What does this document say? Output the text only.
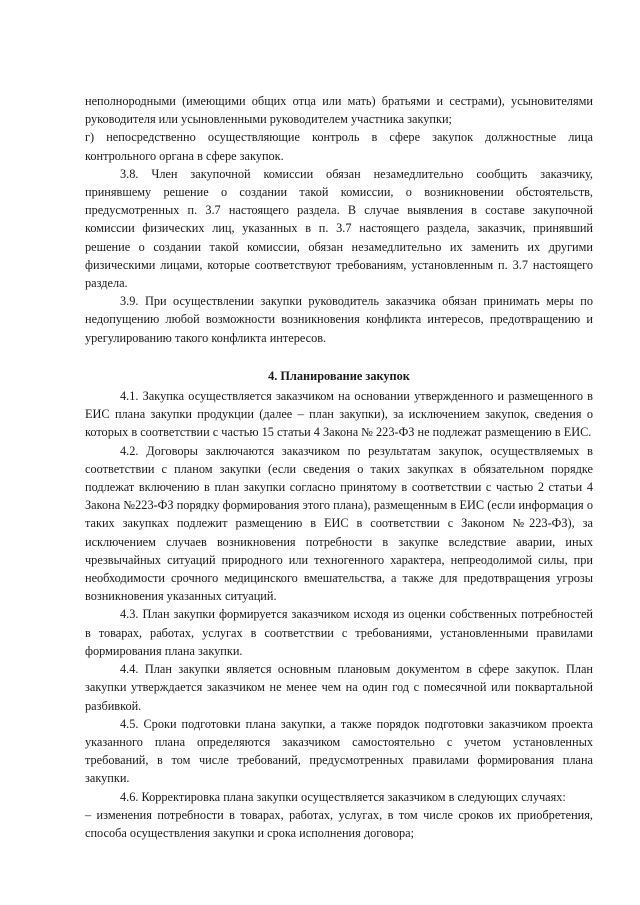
неполнородными (имеющими общих отца или мать) братьями и сестрами), усыновителями руководителя или усыновленными руководителем участника закупки;

г) непосредственно осуществляющие контроль в сфере закупок должностные лица контрольного органа в сфере закупок.

3.8. Член закупочной комиссии обязан незамедлительно сообщить заказчику, принявшему решение о создании такой комиссии, о возникновении обстоятельств, предусмотренных п. 3.7 настоящего раздела. В случае выявления в составе закупочной комиссии физических лиц, указанных в п. 3.7 настоящего раздела, заказчик, принявший решение о создании такой комиссии, обязан незамедлительно их заменить их другими физическими лицами, которые соответствуют требованиям, установленным п. 3.7 настоящего раздела.

3.9. При осуществлении закупки руководитель заказчика обязан принимать меры по недопущению любой возможности возникновения конфликта интересов, предотвращению и урегулированию такого конфликта интересов.

4. Планирование закупок

4.1. Закупка осуществляется заказчиком на основании утвержденного и размещенного в ЕИС плана закупки продукции (далее – план закупки), за исключением закупок, сведения о которых в соответствии с частью 15 статьи 4 Закона № 223-ФЗ не подлежат размещению в ЕИС.

4.2. Договоры заключаются заказчиком по результатам закупок, осуществляемых в соответствии с планом закупки (если сведения о таких закупках в обязательном порядке подлежат включению в план закупки согласно принятому в соответствии с частью 2 статьи 4 Закона №223-ФЗ порядку формирования этого плана), размещенным в ЕИС (если информация о таких закупках подлежит размещению в ЕИС в соответствии с Законом №223-ФЗ), за исключением случаев возникновения потребности в закупке вследствие аварии, иных чрезвычайных ситуаций природного или техногенного характера, непреодолимой силы, при необходимости срочного медицинского вмешательства, а также для предотвращения угрозы возникновения указанных ситуаций.

4.3. План закупки формируется заказчиком исходя из оценки собственных потребностей в товарах, работах, услугах в соответствии с требованиями, установленными правилами формирования плана закупки.

4.4. План закупки является основным плановым документом в сфере закупок. План закупки утверждается заказчиком не менее чем на один год с помесячной или поквартальной разбивкой.

4.5. Сроки подготовки плана закупки, а также порядок подготовки заказчиком проекта указанного плана определяются заказчиком самостоятельно с учетом установленных требований, в том числе требований, предусмотренных правилами формирования плана закупки.

4.6. Корректировка плана закупки осуществляется заказчиком в следующих случаях:

– изменения потребности в товарах, работах, услугах, в том числе сроков их приобретения, способа осуществления закупки и срока исполнения договора;
